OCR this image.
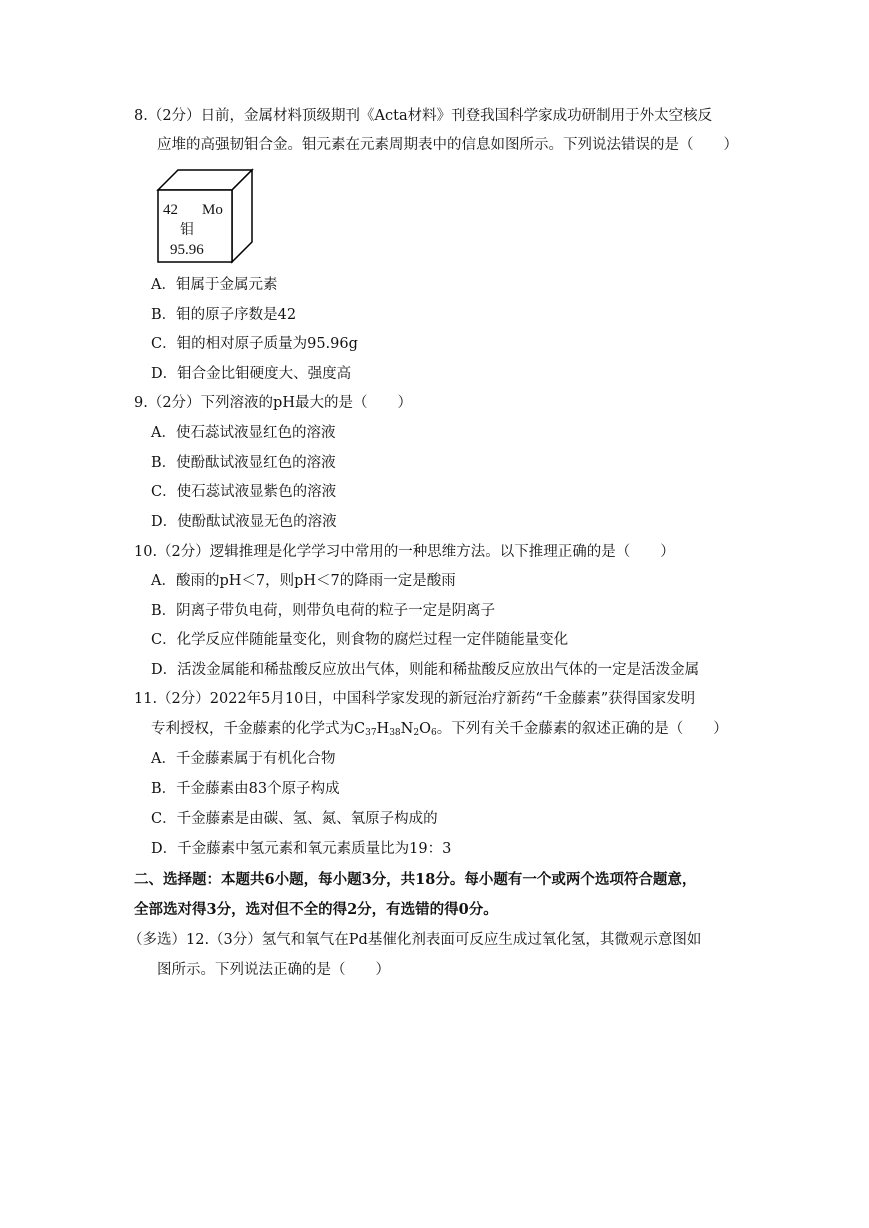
8.（2分）日前，金属材料顶级期刊《Acta材料》刊登我国科学家成功研制用于外太空核反
应堆的高强韧钼合金。钼元素在元素周期表中的信息如图所示。下列说法错误的是（ ）
42 Mo
钼
95.96
A．钼属于金属元素
B．钼的原子序数是42
C．钼的相对原子质量为95.96g
D．钼合金比钼硬度大、强度高
9.（2分）下列溶液的pH最大的是（ ）
A．使石蕊试液显红色的溶液
B．使酚酞试液显红色的溶液
C．使石蕊试液显紫色的溶液
D．使酚酞试液显无色的溶液
10.（2分）逻辑推理是化学学习中常用的一种思维方法。以下推理正确的是（ ）
A．酸雨的pH＜7，则pH＜7的降雨一定是酸雨
B．阴离子带负电荷，则带负电荷的粒子一定是阴离子
C．化学反应伴随能量变化，则食物的腐烂过程一定伴随能量变化
D．活泼金属能和稀盐酸反应放出气体，则能和稀盐酸反应放出气体的一定是活泼金属
11.（2分）2022年5月10日，中国科学家发现的新冠治疗新药“千金藤素”获得国家发明
专利授权，千金藤素的化学式为$C_{37}H_{38}N_2O_6$。下列有关千金藤素的叙述正确的是（ ）
A．千金藤素属于有机化合物
B．千金藤素由83个原子构成
C．千金藤素是由碳、氢、氮、氧原子构成的
D．千金藤素中氢元素和氧元素质量比为19：3
二、选择题：本题共6小题，每小题3分，共18分。每小题有一个或两个选项符合题意，
全部选对得3分，选对但不全的得2分，有选错的得0分。
（多选）12.（3分）氢气和氧气在Pd基催化剂表面可反应生成过氧化氢，其微观示意图如
图所示。下列说法正确的是（ ）
